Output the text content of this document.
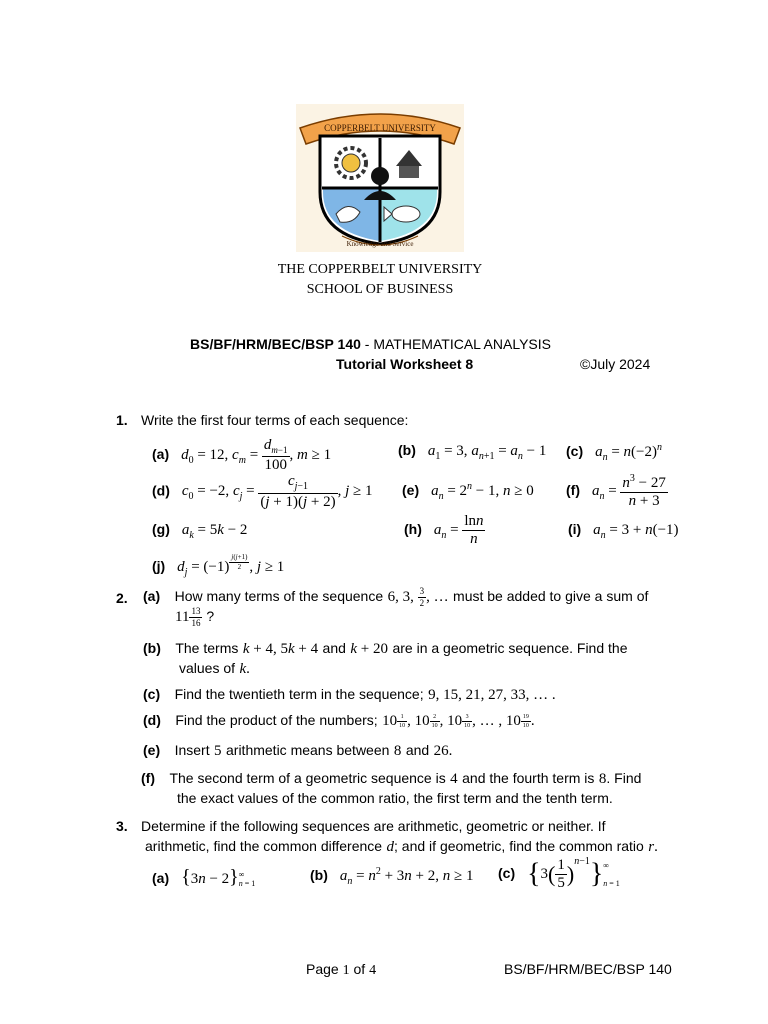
COPPERBELT UNIVERSITY
Knowledge and Service
THE COPPERBELT UNIVERSITY
SCHOOL OF BUSINESS
BS/BF/HRM/BEC/BSP 140 - MATHEMATICAL ANALYSIS
Tutorial Worksheet 8	©July 2024
1. Write the first four terms of each sequence:
(a) $d_0 = 12$, $c_m = \frac{d_{m-1}}{100}$ , m ≥ 1	(b) $a_1 = 3$, $a_{n+1} = a_n - 1$ (c) $a_n = n(-2)^n$
(d) $c_0 = -2$, $c_j = \frac{c_{j-1}}{(j + 1)(j + 2)}$ , j ≥ 1 (e) $a_n = 2^n - 1$, n ≥ 0 (f) $a_n = \frac{n^3 - 27}{n + 3}$
(g) $a_k = 5k - 2$	(h) $a_n = \frac{\ln n}{n}$	(i) $a_n = 3 + n(-1)$
(j) $d_j = (-1)$ $^{\frac{j(j+1)}{2}}$ , j ≥ 1
2. (a) How many terms of the sequence 6, 3, $\frac{3}{2}$ , … must be added to give a sum of
$11 \frac{13}{16}$ ?
(b) The terms k + 4, 5k + 4 and k + 20 are in a geometric sequence. Find the
values of k.
(c) Find the twentieth term in the sequence; 9, 15, 21, 27, 33, … .
(d) Find the product of the numbers; $10 \frac{1}{10}$ , $10 \frac{2}{10}$ , $10 \frac{3}{10}$ , … , $10 \frac{19}{10}$ .
(e) Insert 5 arithmetic means between 8 and 26.
(f) The second term of a geometric sequence is 4 and the fourth term is 8. Find
the exact values of the common ratio, the first term and the tenth term.
3. Determine if the following sequences are arithmetic, geometric or neither. If
arithmetic, find the common difference d; and if geometric, find the common ratio r.
(a) {3n − 2} ∞
n = 1
(b) $a_n = n^2 + 3n + 2$, n ≥ 1 (c) $\{3( \frac{1}{5} )^{n-1}\}$ ∞
n = 1
Page 1 of 4	BS/BF/HRM/BEC/BSP 140
